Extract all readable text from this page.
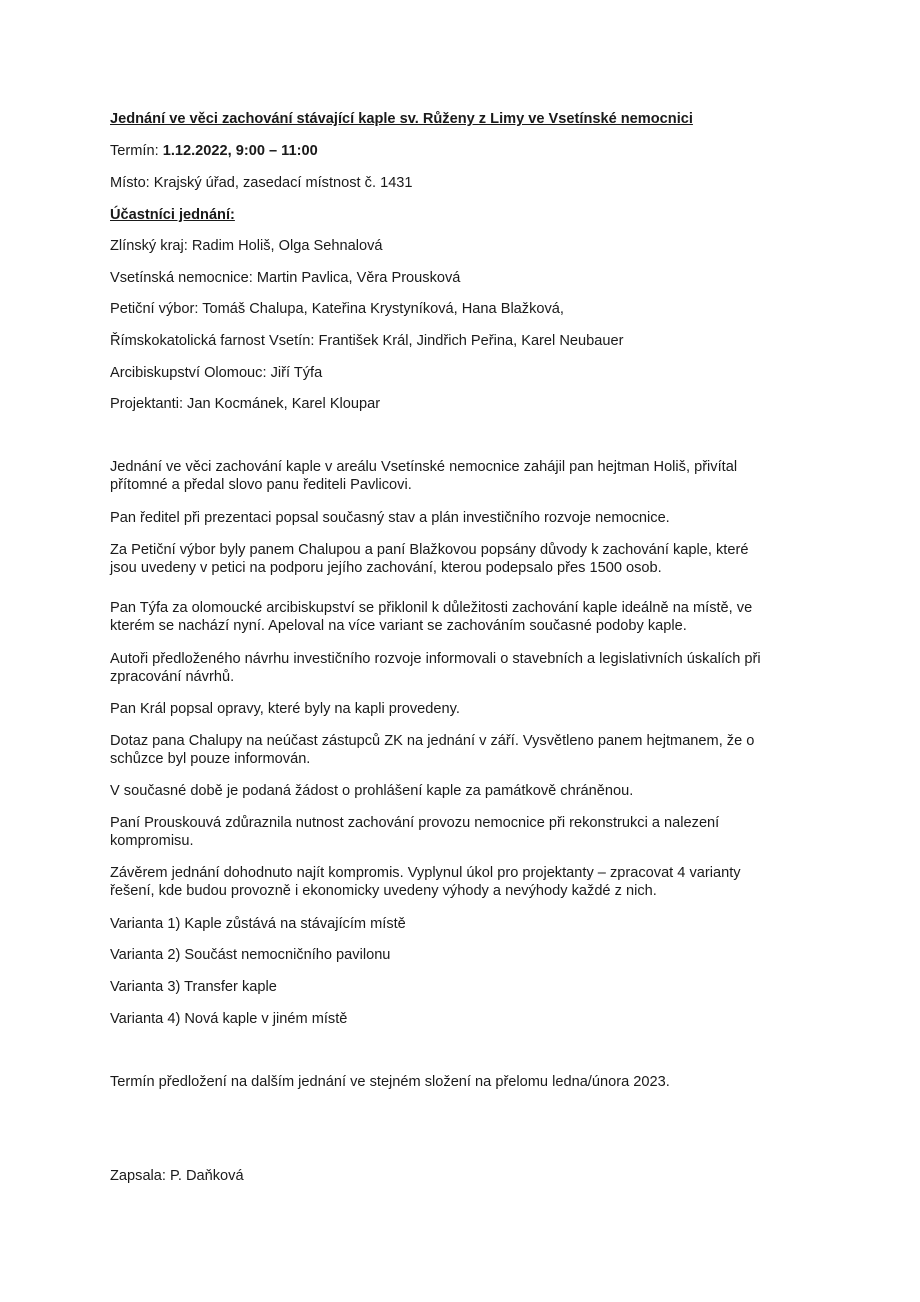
Jednání ve věci zachování stávající kaple sv. Růženy z Limy ve Vsetínské nemocnici
Termín: 1.12.2022, 9:00 – 11:00
Místo: Krajský úřad, zasedací místnost č. 1431
Účastníci jednání:
Zlínský kraj: Radim Holiš, Olga Sehnalová
Vsetínská nemocnice: Martin Pavlica, Věra Prousková
Petiční výbor: Tomáš Chalupa, Kateřina Krystyníková, Hana Blažková,
Římskokatolická farnost Vsetín: František Král, Jindřich Peřina, Karel Neubauer
Arcibiskupství Olomouc: Jiří Týfa
Projektanti: Jan Kocmánek, Karel Kloupar
Jednání ve věci zachování kaple v areálu Vsetínské nemocnice zahájil pan hejtman Holiš, přivítal
přítomné a předal slovo panu řediteli Pavlicovi.
Pan ředitel při prezentaci popsal současný stav a plán investičního rozvoje nemocnice.
Za Petiční výbor byly panem Chalupou a paní Blažkovou popsány důvody k zachování kaple, které
jsou uvedeny v petici na podporu jejího zachování, kterou podepsalo přes 1500 osob.
Pan Týfa za olomoucké arcibiskupství se přiklonil k důležitosti zachování kaple ideálně na místě, ve
kterém se nachází nyní. Apeloval na více variant se zachováním současné podoby kaple.
Autoři předloženého návrhu investičního rozvoje informovali o stavebních a legislativních úskalích při
zpracování návrhů.
Pan Král popsal opravy, které byly na kapli provedeny.
Dotaz pana Chalupy na neúčast zástupců ZK na jednání v září. Vysvětleno panem hejtmanem, že o
schůzce byl pouze informován.
V současné době je podaná žádost o prohlášení kaple za památkově chráněnou.
Paní Prouskouvá zdůraznila nutnost zachování provozu nemocnice při rekonstrukci a nalezení
kompromisu.
Závěrem jednání dohodnuto najít kompromis. Vyplynul úkol pro projektanty – zpracovat 4 varianty
řešení, kde budou provozně i ekonomicky uvedeny výhody a nevýhody každé z nich.
Varianta 1) Kaple zůstává na stávajícím místě
Varianta 2) Součást nemocničního pavilonu
Varianta 3) Transfer kaple
Varianta 4) Nová kaple v jiném místě
Termín předložení na dalším jednání ve stejném složení na přelomu ledna/února 2023.
Zapsala: P. Daňková
